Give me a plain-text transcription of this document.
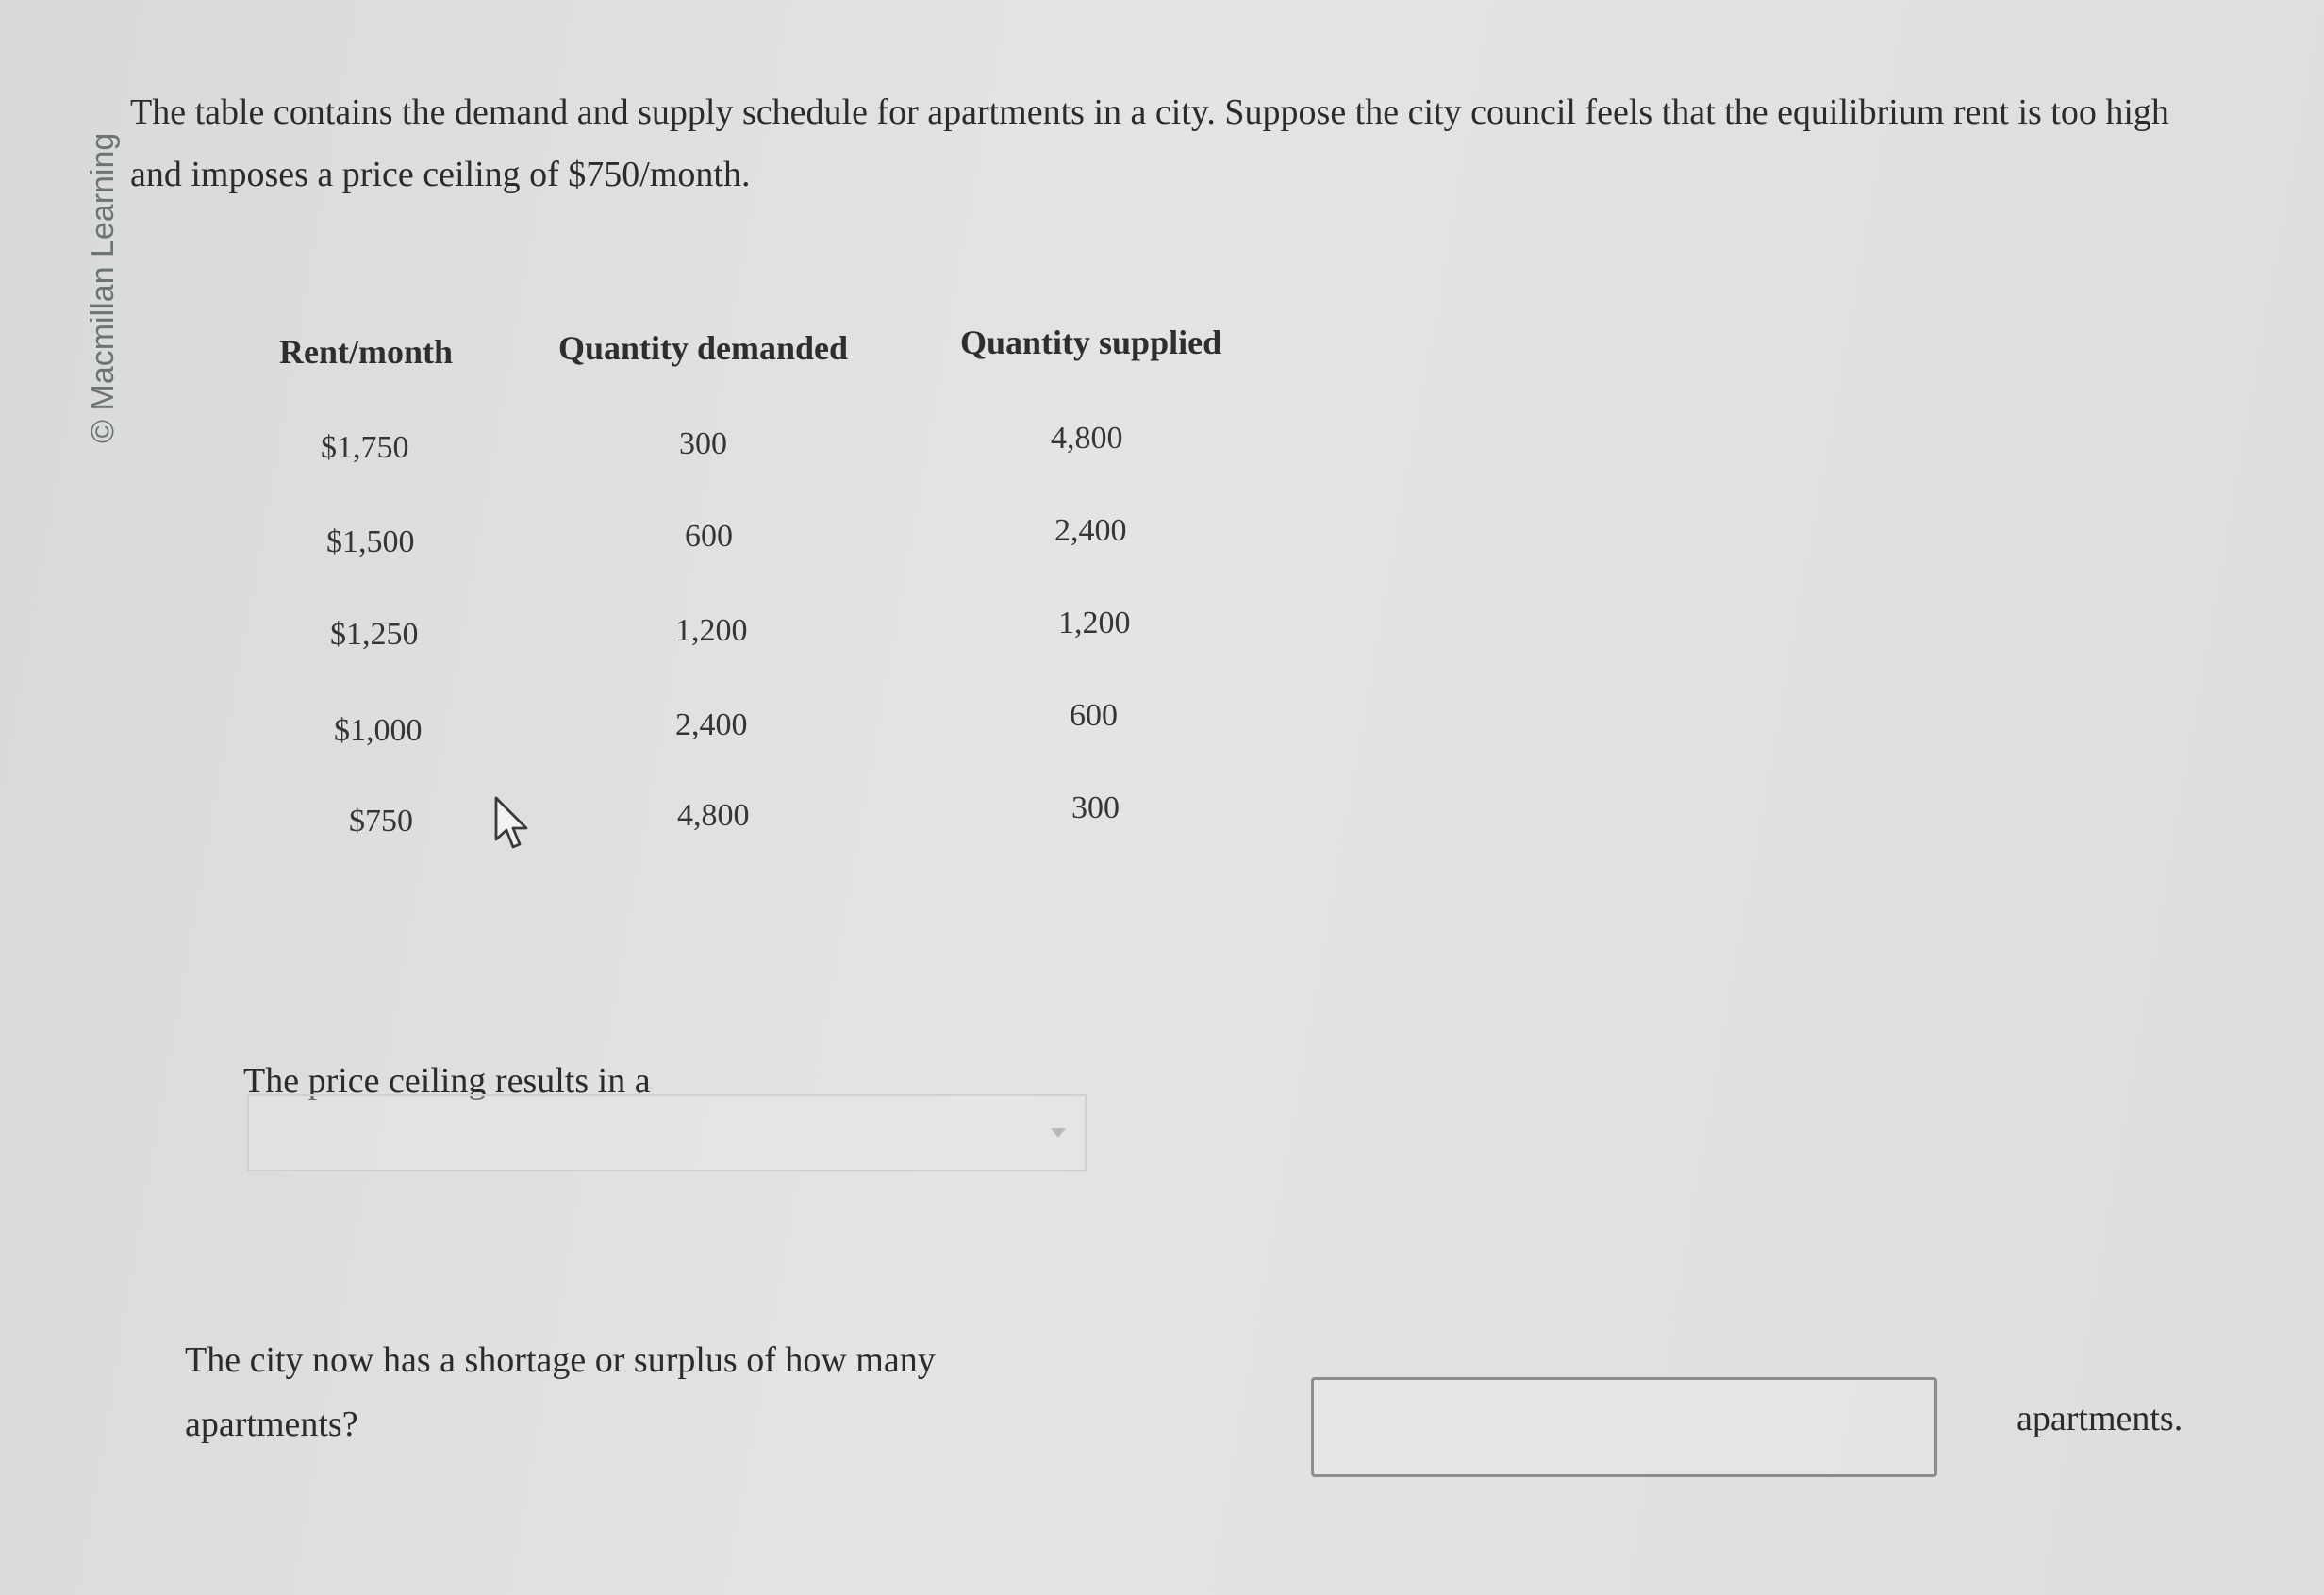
© Macmillan Learning
The table contains the demand and supply schedule for apartments in a city. Suppose the city council feels that the equilibrium rent is too high and imposes a price ceiling of $750/month.
Rent/month	Quantity demanded	Quantity supplied
$1,750	300	4,800
$1,500	600	2,400
$1,250	1,200	1,200
$1,000	2,400	600
$750	4,800	300
The price ceiling results in a
The city now has a shortage or surplus of how many
apartments?	apartments.
